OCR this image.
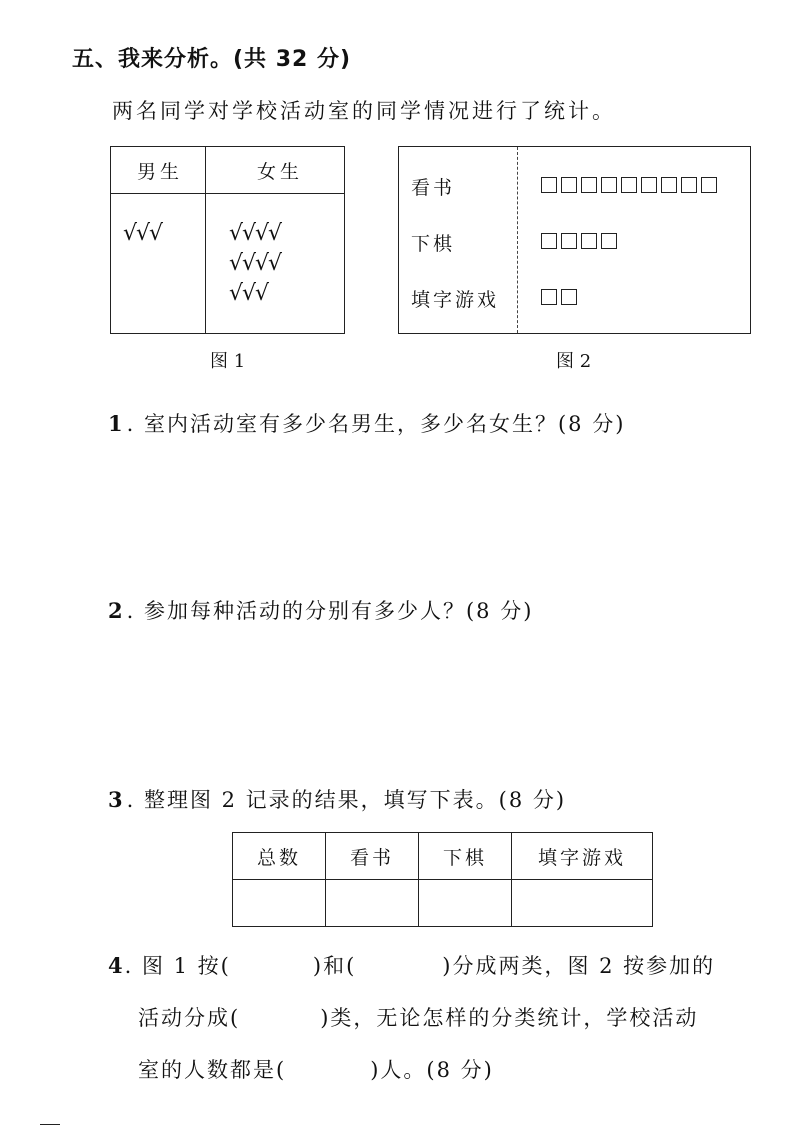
五、我来分析。(共 32 分)
两名同学对学校活动室的同学情况进行了统计。
男生	女生
√√√	√√√√
√√√√
√√√
图 1
看书
下棋
填字游戏
图 2
1. 室内活动室有多少名男生，多少名女生？(8 分)
2. 参加每种活动的分别有多少人？(8 分)
3. 整理图 2 记录的结果，填写下表。(8 分)
总数	看书	下棋	填字游戏

4. 图 1 按(	)和(	)分成两类，图 2 按参加的
活动分成(	)类，无论怎样的分类统计，学校活动
室的人数都是(	)人。(8 分)
